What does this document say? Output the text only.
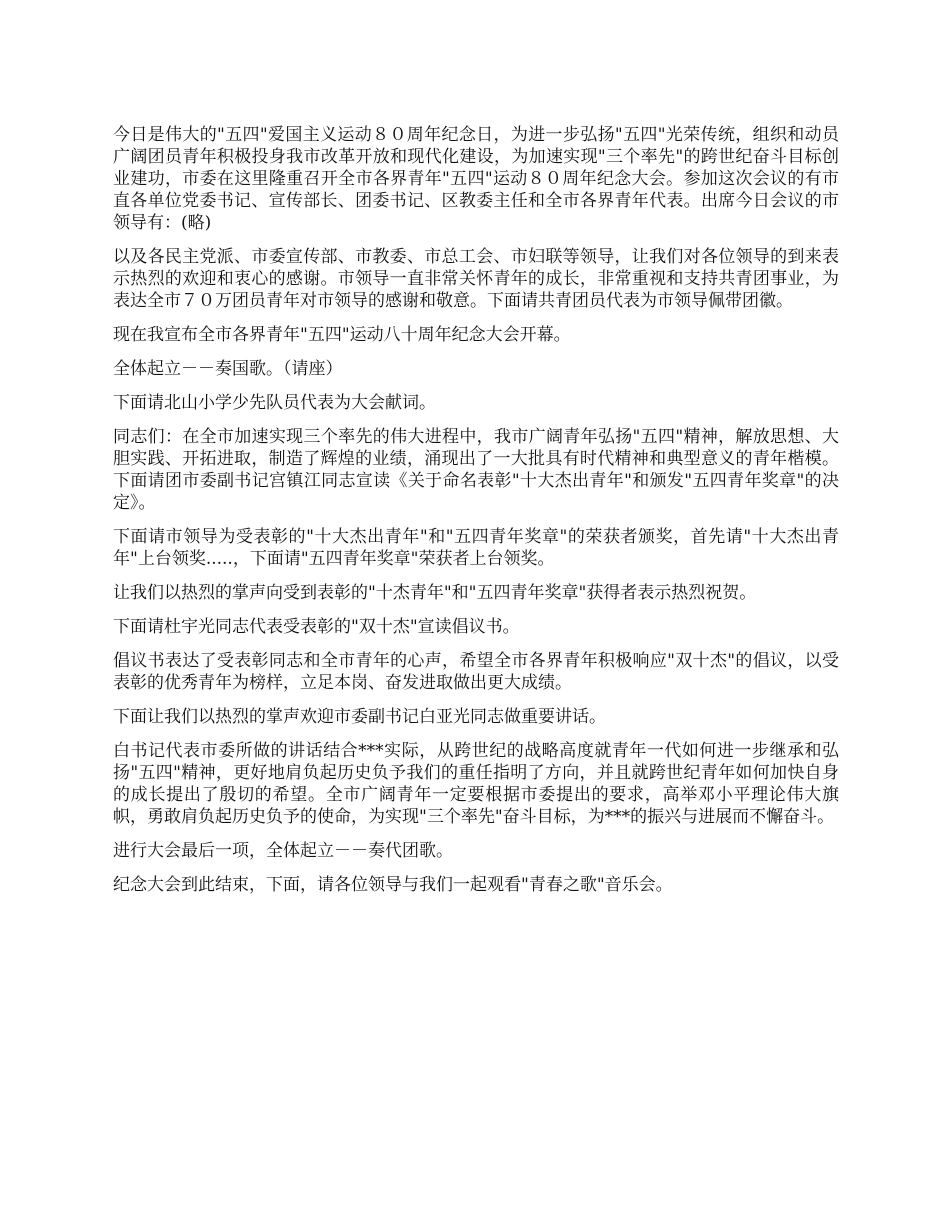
今日是伟大的"五四"爱国主义运动８０周年纪念日，为进一步弘扬"五四"光荣传统，组织和动员广阔团员青年积极投身我市改革开放和现代化建设，为加速实现"三个率先"的跨世纪奋斗目标创业建功，市委在这里隆重召开全市各界青年"五四"运动８０周年纪念大会。参加这次会议的有市直各单位党委书记、宣传部长、团委书记、区教委主任和全市各界青年代表。出席今日会议的市领导有：(略)

以及各民主党派、市委宣传部、市教委、市总工会、市妇联等领导，让我们对各位领导的到来表示热烈的欢迎和衷心的感谢。市领导一直非常关怀青年的成长，非常重视和支持共青团事业，为表达全市７０万团员青年对市领导的感谢和敬意。下面请共青团员代表为市领导佩带团徽。

现在我宣布全市各界青年"五四"运动八十周年纪念大会开幕。

全体起立－－奏国歌。（请座）

下面请北山小学少先队员代表为大会献词。

同志们：在全市加速实现三个率先的伟大进程中，我市广阔青年弘扬"五四"精神，解放思想、大胆实践、开拓进取，制造了辉煌的业绩，涌现出了一大批具有时代精神和典型意义的青年楷模。下面请团市委副书记宫镇江同志宣读《关于命名表彰"十大杰出青年"和颁发"五四青年奖章"的决定》。

下面请市领导为受表彰的"十大杰出青年"和"五四青年奖章"的荣获者颁奖，首先请"十大杰出青年"上台领奖.....，下面请"五四青年奖章"荣获者上台领奖。

让我们以热烈的掌声向受到表彰的"十杰青年"和"五四青年奖章"获得者表示热烈祝贺。

下面请杜宇光同志代表受表彰的"双十杰"宣读倡议书。

倡议书表达了受表彰同志和全市青年的心声，希望全市各界青年积极响应"双十杰"的倡议，以受表彰的优秀青年为榜样，立足本岗、奋发进取做出更大成绩。

下面让我们以热烈的掌声欢迎市委副书记白亚光同志做重要讲话。

白书记代表市委所做的讲话结合***实际，从跨世纪的战略高度就青年一代如何进一步继承和弘扬"五四"精神，更好地肩负起历史负予我们的重任指明了方向，并且就跨世纪青年如何加快自身的成长提出了殷切的希望。全市广阔青年一定要根据市委提出的要求，高举邓小平理论伟大旗帜，勇敢肩负起历史负予的使命，为实现"三个率先"奋斗目标，为***的振兴与进展而不懈奋斗。

进行大会最后一项，全体起立－－奏代团歌。

纪念大会到此结束，下面，请各位领导与我们一起观看"青春之歌"音乐会。
